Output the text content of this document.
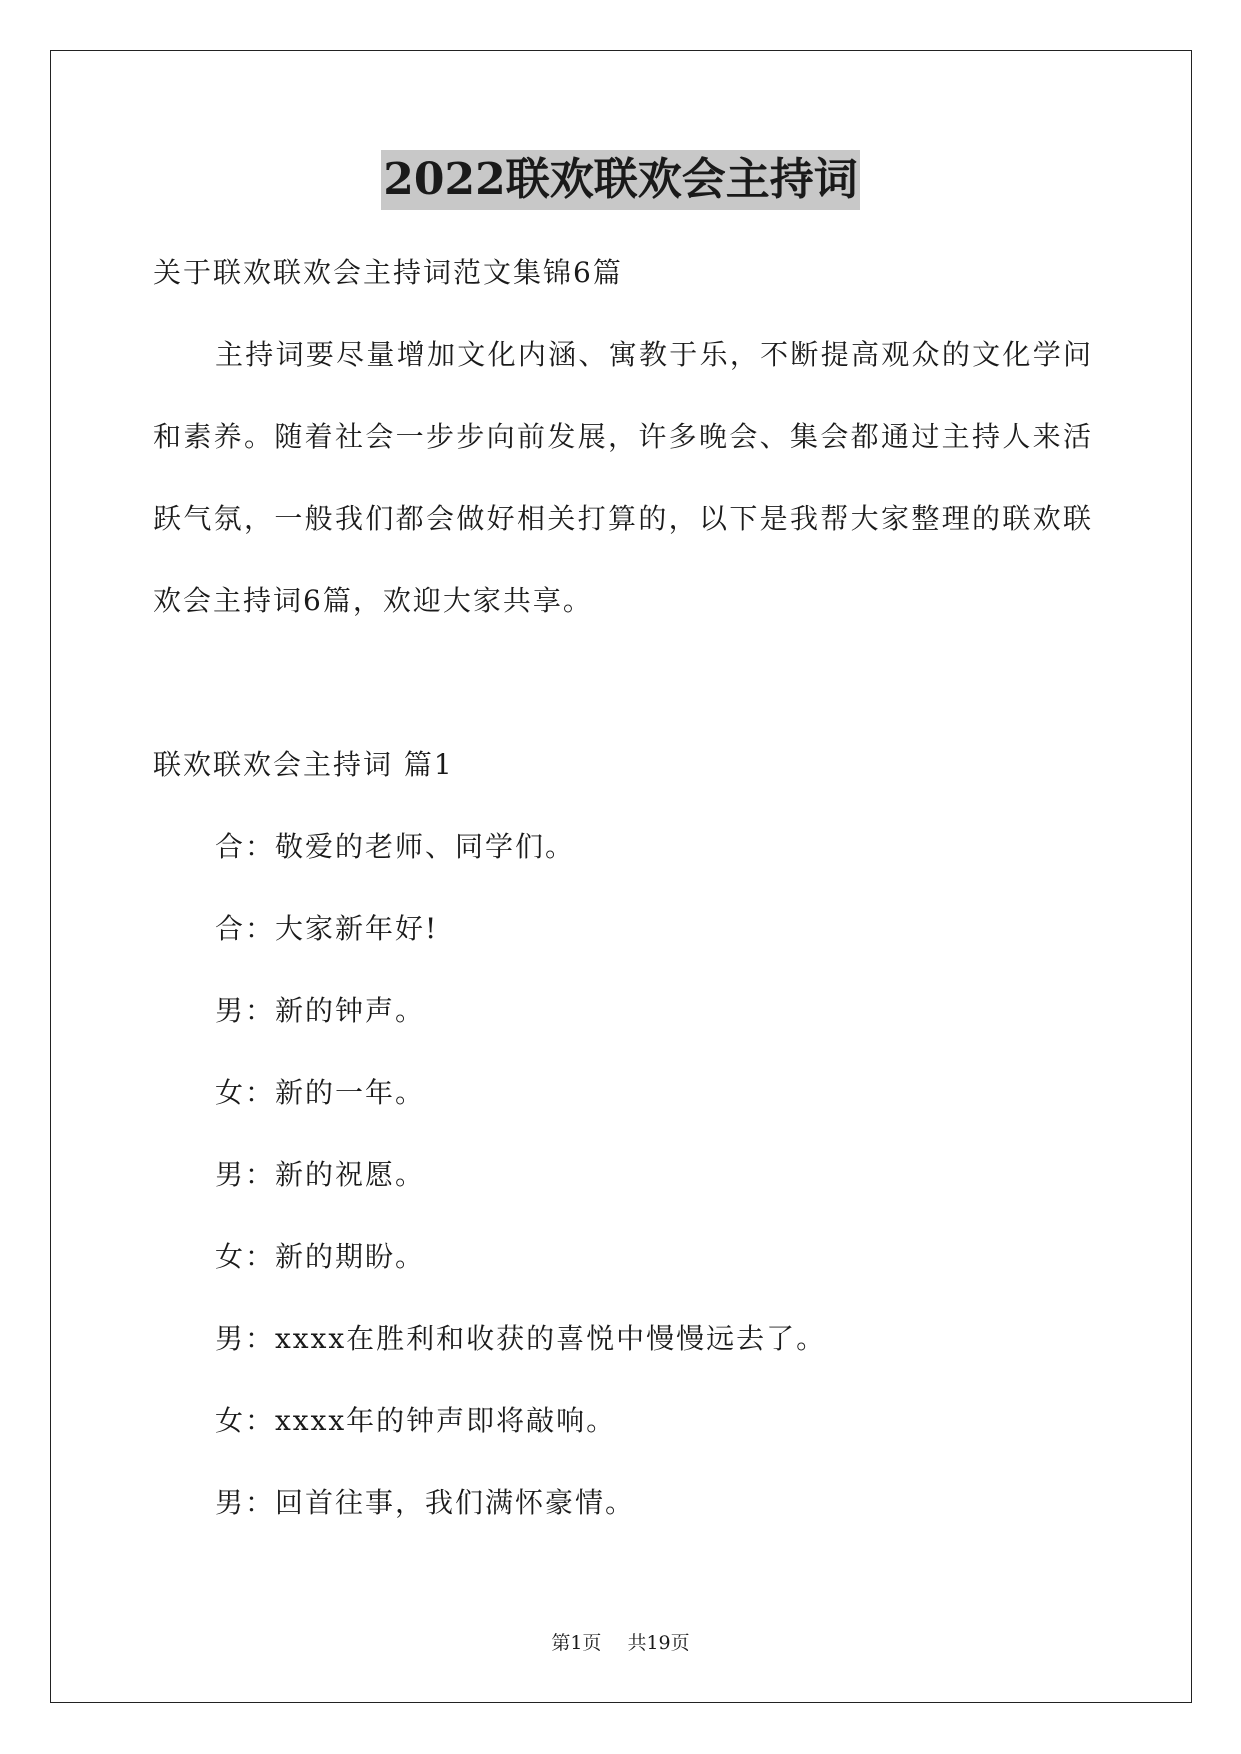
2022联欢联欢会主持词

关于联欢联欢会主持词范文集锦6篇

主持词要尽量增加文化内涵、寓教于乐，不断提高观众的文化学问和素养。随着社会一步步向前发展，许多晚会、集会都通过主持人来活跃气氛，一般我们都会做好相关打算的，以下是我帮大家整理的联欢联欢会主持词6篇，欢迎大家共享。

联欢联欢会主持词 篇1

合：敬爱的老师、同学们。

合：大家新年好!

男：新的钟声。

女：新的一年。

男：新的祝愿。

女：新的期盼。

男：xxxx在胜利和收获的喜悦中慢慢远去了。

女：xxxx年的钟声即将敲响。

男：回首往事，我们满怀豪情。

第1页 共19页
